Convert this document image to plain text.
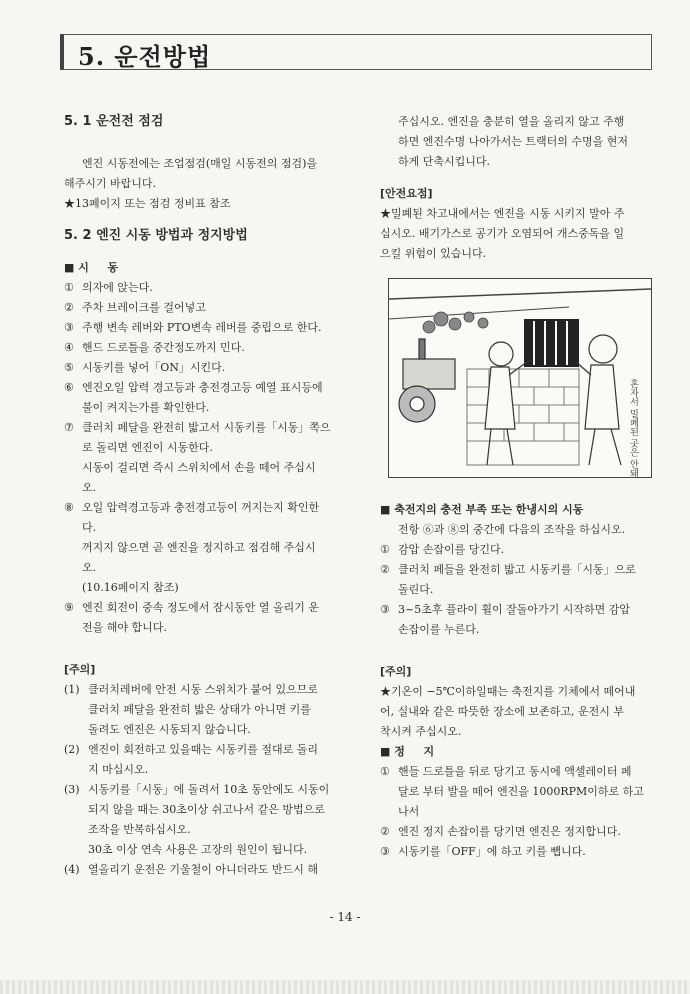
5. 운전방법

5. 1 운전전 점검

엔진 시동전에는 조업점검(매일 시동전의 점검)을

해주시기 바랍니다.

★13페이지 또는 점검 정비표 참조

5. 2 엔진 시동 방법과 정지방법

■ 시 　 동

① 의자에 앉는다.
② 주차 브레이크를 걸어넣고
③ 주행 변속 레버와 PTO변속 레버를 중립으로 한다.
④ 핸드 드로틀을 중간정도까지 민다.
⑤ 시동키를 넣어「ON」시킨다.
⑥ 엔진오일 압력 경고등과 충전경고등 예열 표시등에
불이 켜지는가를 확인한다.
⑦ 클러치 페달을 완전히 밟고서 시동키를「시동」쪽으
로 돌리면 엔진이 시동한다.
시동이 걸리면 즉시 스위치에서 손을 떼어 주십시
오.
⑧ 오일 압력경고등과 충전경고등이 꺼지는지 확인한
다.
꺼지지 않으면 곧 엔진을 정지하고 점검해 주십시
오.
(10.16페이지 참조)
⑨ 엔진 회전이 중속 정도에서 잠시동안 열 올리기 운
전을 해야 합니다.

[주의]

(1) 클러치레버에 안전 시동 스위치가 붙어 있으므로
클러치 페달을 완전히 밟은 상태가 아니면 키를
돌려도 엔진은 시동되지 않습니다.
(2) 엔진이 회전하고 있을때는 시동키를 절대로 돌리
지 마십시오.
(3) 시동키를「시동」에 돌려서 10초 동안에도 시동이
되지 않을 때는 30초이상 쉬고나서 같은 방법으로
조작을 반복하십시오.
30초 이상 연속 사용은 고장의 원인이 됩니다.
(4) 열올리기 운전은 기울철이 아니더라도 반드시 해
주십시오. 엔진을 충분히 열을 올리지 않고 주행
하면 엔진수명 나아가서는 트랙터의 수명을 현저
하게 단축시킵니다.

[안전요점]

★밀폐된 차고내에서는 엔진을 시동 시키지 말아 주
십시오. 배기가스로 공기가 오염되어 개스중독을 일
으킬 위험이 있습니다.
혼자서 밀폐된 곳은 안돼

■ 축전지의 충전 부족 또는 한냉시의 시동

전항 ⑥과 ⑧의 중간에 다음의 조작을 하십시오.

① 감압 손잡이를 당긴다.
② 클러치 페들을 완전히 밟고 시동키를「시동」으로
돌린다.
③ 3~5초후 플라이 휠이 잘돌아가기 시작하면 감압
손잡이를 누른다.

[주의]

★기온이 −5℃이하일때는 축전지를 기체에서 떼어내
어, 실내와 같은 따뜻한 장소에 보존하고, 운전시 부
착시켜 주십시오.

■ 정 　 지

① 핸들 드로틀을 뒤로 당기고 동시에 액셀레이터 페
달로 부터 발을 떼어 엔진을 1000RPM이하로 하고
나서
② 엔진 정지 손잡이를 당기면 엔진은 정지합니다.
③ 시동키를「OFF」에 하고 키를 뺍니다.
- 14 -
